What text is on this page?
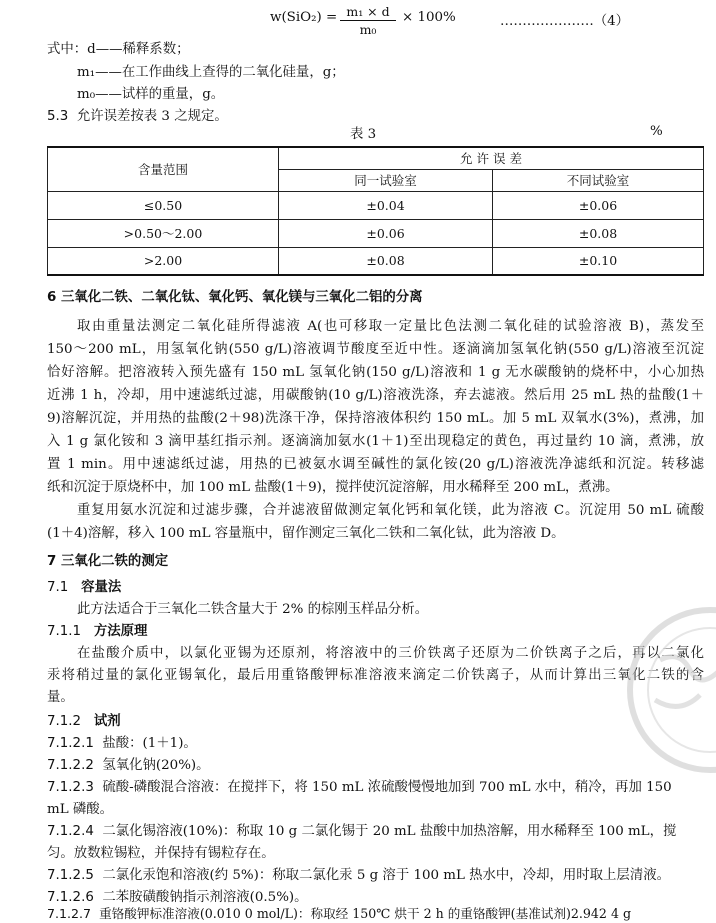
w(SiO₂) = m₁ × d
m₀
× 100%	…………………（4）
式中：d——稀释系数；
m₁——在工作曲线上查得的二氧化硅量，g；
m₀——试样的重量，g。
5.3 允许误差按表 3 之规定。
表 3	%
含量范围	允 许 误 差	
	同一试验室	不同试验室
≤0.50	±0.04	±0.06
>0.50～2.00	±0.06	±0.08
>2.00	±0.08	±0.10
6 三氧化二铁、二氧化钛、氧化钙、氧化镁与三氧化二铝的分离
取由重量法测定二氧化硅所得滤液 A(也可移取一定量比色法测二氧化硅的试验溶液 B)，蒸发至
150～200 mL，用氢氧化钠(550 g/L)溶液调节酸度至近中性。逐滴滴加氢氧化钠(550 g/L)溶液至沉淀
恰好溶解。把溶液转入预先盛有 150 mL 氢氧化钠(150 g/L)溶液和 1 g 无水碳酸钠的烧杯中，小心加热
近沸 1 h，冷却，用中速滤纸过滤，用碳酸钠(10 g/L)溶液洗涤，弃去滤液。然后用 25 mL 热的盐酸(1＋
9)溶解沉淀，并用热的盐酸(2＋98)洗涤干净，保持溶液体积约 150 mL。加 5 mL 双氧水(3%)，煮沸，加
入 1 g 氯化铵和 3 滴甲基红指示剂。逐滴滴加氨水(1＋1)至出现稳定的黄色，再过量约 10 滴，煮沸，放
置 1 min。用中速滤纸过滤，用热的已被氨水调至碱性的氯化铵(20 g/L)溶液洗净滤纸和沉淀。转移滤
纸和沉淀于原烧杯中，加 100 mL 盐酸(1＋9)，搅拌使沉淀溶解，用水稀释至 200 mL，煮沸。
重复用氨水沉淀和过滤步骤，合并滤液留做测定氧化钙和氧化镁，此为溶液 C。沉淀用 50 mL 硫酸
(1＋4)溶解，移入 100 mL 容量瓶中，留作测定三氧化二铁和二氧化钛，此为溶液 D。
7 三氧化二铁的测定
7.1 容量法
此方法适合于三氧化二铁含量大于 2% 的棕刚玉样品分析。
7.1.1 方法原理
在盐酸介质中，以氯化亚锡为还原剂，将溶液中的三价铁离子还原为二价铁离子之后，再以二氯化
汞将稍过量的氯化亚锡氧化，最后用重铬酸钾标准溶液来滴定二价铁离子，从而计算出三氧化二铁的含
量。
7.1.2 试剂
7.1.2.1 盐酸：(1＋1)。
7.1.2.2 氢氧化钠(20%)。
7.1.2.3 硫酸-磷酸混合溶液：在搅拌下，将 150 mL 浓硫酸慢慢地加到 700 mL 水中，稍冷，再加 150
mL 磷酸。
7.1.2.4 二氯化锡溶液(10%)：称取 10 g 二氯化锡于 20 mL 盐酸中加热溶解，用水稀释至 100 mL，搅
匀。放数粒锡粒，并保持有锡粒存在。
7.1.2.5 二氯化汞饱和溶液(约 5%)：称取二氯化汞 5 g 溶于 100 mL 热水中，冷却，用时取上层清液。
7.1.2.6 二苯胺磺酸钠指示剂溶液(0.5%)。
7.1.2.7 重铬酸钾标准溶液(0.010 0 mol/L)：称取经 150℃ 烘干 2 h 的重铬酸钾(基准试剂)2.942 4 g
